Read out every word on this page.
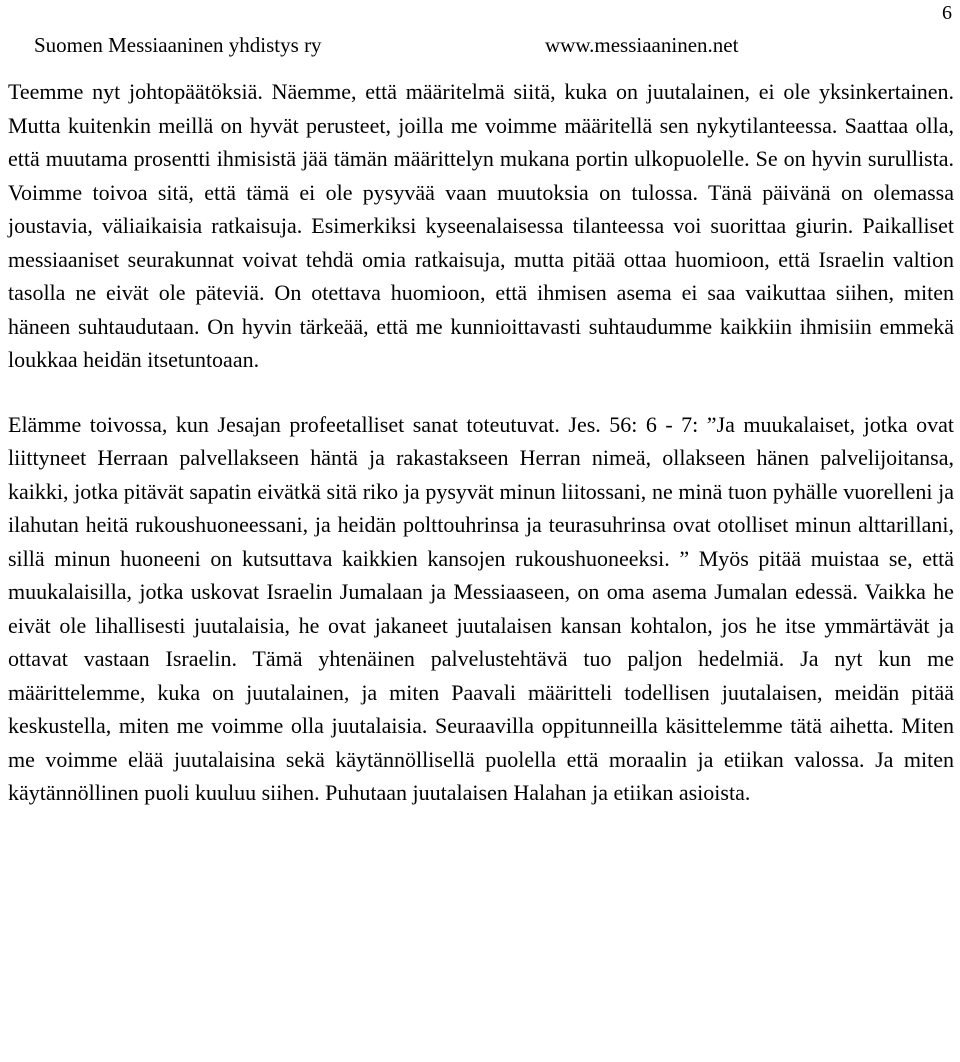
Suomen Messiaaninen yhdistys ry	www.messiaaninen.net
6

Teemme nyt johtopäätöksiä. Näemme, että määritelmä siitä, kuka on juutalainen, ei ole yksinkertainen. Mutta kuitenkin meillä on hyvät perusteet, joilla me voimme määritellä sen nykytilanteessa. Saattaa olla, että muutama prosentti ihmisistä jää tämän määrittelyn mukana portin ulkopuolelle. Se on hyvin surullista. Voimme toivoa sitä, että tämä ei ole pysyvää vaan muutoksia on tulossa. Tänä päivänä on olemassa joustavia, väliaikaisia ratkaisuja. Esimerkiksi kyseenalaisessa tilanteessa voi suorittaa giurin. Paikalliset messiaaniset seurakunnat voivat tehdä omia ratkaisuja, mutta pitää ottaa huomioon, että Israelin valtion tasolla ne eivät ole päteviä. On otettava huomioon, että ihmisen asema ei saa vaikuttaa siihen, miten häneen suhtaudutaan. On hyvin tärkeää, että me kunnioittavasti suhtaudumme kaikkiin ihmisiin emmekä loukkaa heidän itsetuntoaan.

Elämme toivossa, kun Jesajan profeetalliset sanat toteutuvat. Jes. 56: 6 - 7: ”Ja muukalaiset, jotka ovat liittyneet Herraan palvellakseen häntä ja rakastakseen Herran nimeä, ollakseen hänen palvelijoitansa, kaikki, jotka pitävät sapatin eivätkä sitä riko ja pysyvät minun liitossani, ne minä tuon pyhälle vuorelleni ja ilahutan heitä rukoushuoneessani, ja heidän polttouhrinsa ja teurasuhrinsa ovat otolliset minun alttarillani, sillä minun huoneeni on kutsuttava kaikkien kansojen rukoushuoneeksi. ” Myös pitää muistaa se, että muukalaisilla, jotka uskovat Israelin Jumalaan ja Messiaaseen, on oma asema Jumalan edessä. Vaikka he eivät ole lihallisesti juutalaisia, he ovat jakaneet juutalaisen kansan kohtalon, jos he itse ymmärtävät ja ottavat vastaan Israelin. Tämä yhtenäinen palvelustehtävä tuo paljon hedelmiä. Ja nyt kun me määrittelemme, kuka on juutalainen, ja miten Paavali määritteli todellisen juutalaisen, meidän pitää keskustella, miten me voimme olla juutalaisia. Seuraavilla oppitunneilla käsittelemme tätä aihetta. Miten me voimme elää juutalaisina sekä käytännöllisellä puolella että moraalin ja etiikan valossa. Ja miten käytännöllinen puoli kuuluu siihen. Puhutaan juutalaisen Halahan ja etiikan asioista.
